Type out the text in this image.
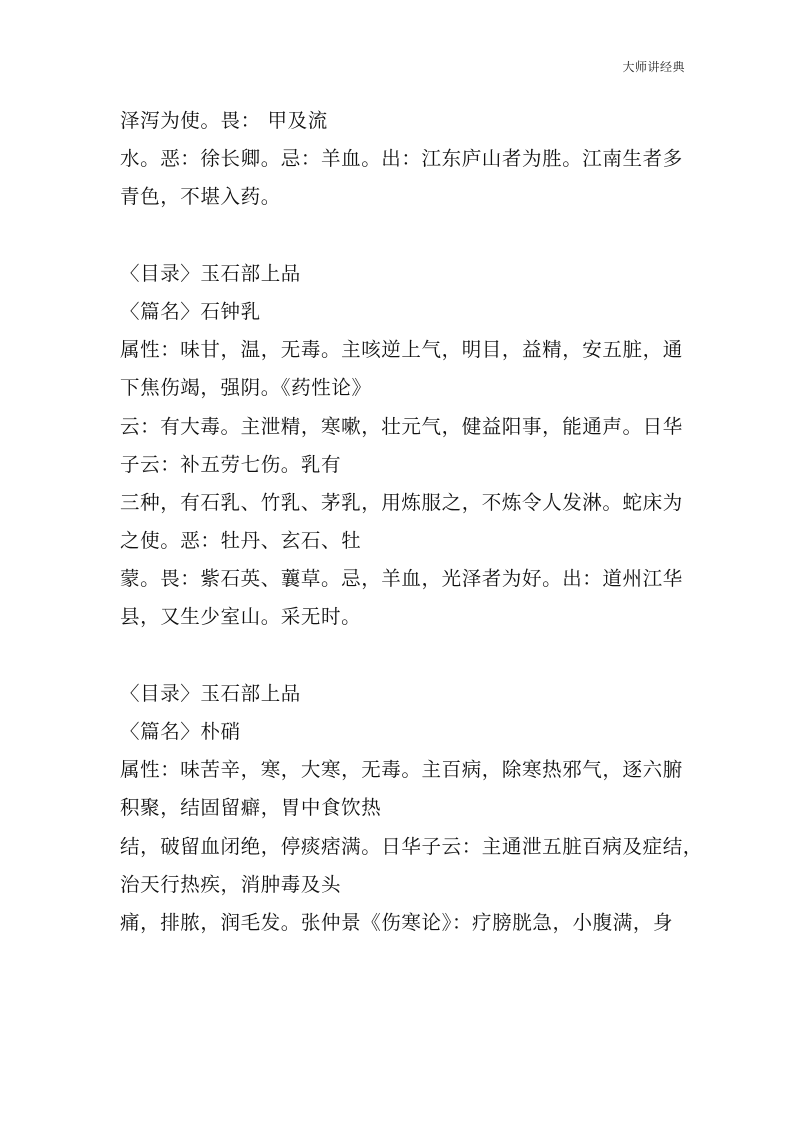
大师讲经典
泽泻为使。畏： 甲及流
水。恶：徐长卿。忌：羊血。出：江东庐山者为胜。江南生者多
青色，不堪入药。
〈目录〉玉石部上品
〈篇名〉石钟乳
属性：味甘，温，无毒。主咳逆上气，明目，益精，安五脏，通
下焦伤竭，强阴。《药性论》
云：有大毒。主泄精，寒嗽，壮元气，健益阳事，能通声。日华
子云：补五劳七伤。乳有
三种，有石乳、竹乳、茅乳，用炼服之，不炼令人发淋。蛇床为
之使。恶：牡丹、玄石、牡
蒙。畏：紫石英、蘘草。忌，羊血，光泽者为好。出：道州江华
县，又生少室山。采无时。
〈目录〉玉石部上品
〈篇名〉朴硝
属性：味苦辛，寒，大寒，无毒。主百病，除寒热邪气，逐六腑
积聚，结固留癖，胃中食饮热
结，破留血闭绝，停痰痞满。日华子云：主通泄五脏百病及症结，
治天行热疾，消肿毒及头
痛，排脓，润毛发。张仲景《伤寒论》：疗膀胱急，小腹满，身
